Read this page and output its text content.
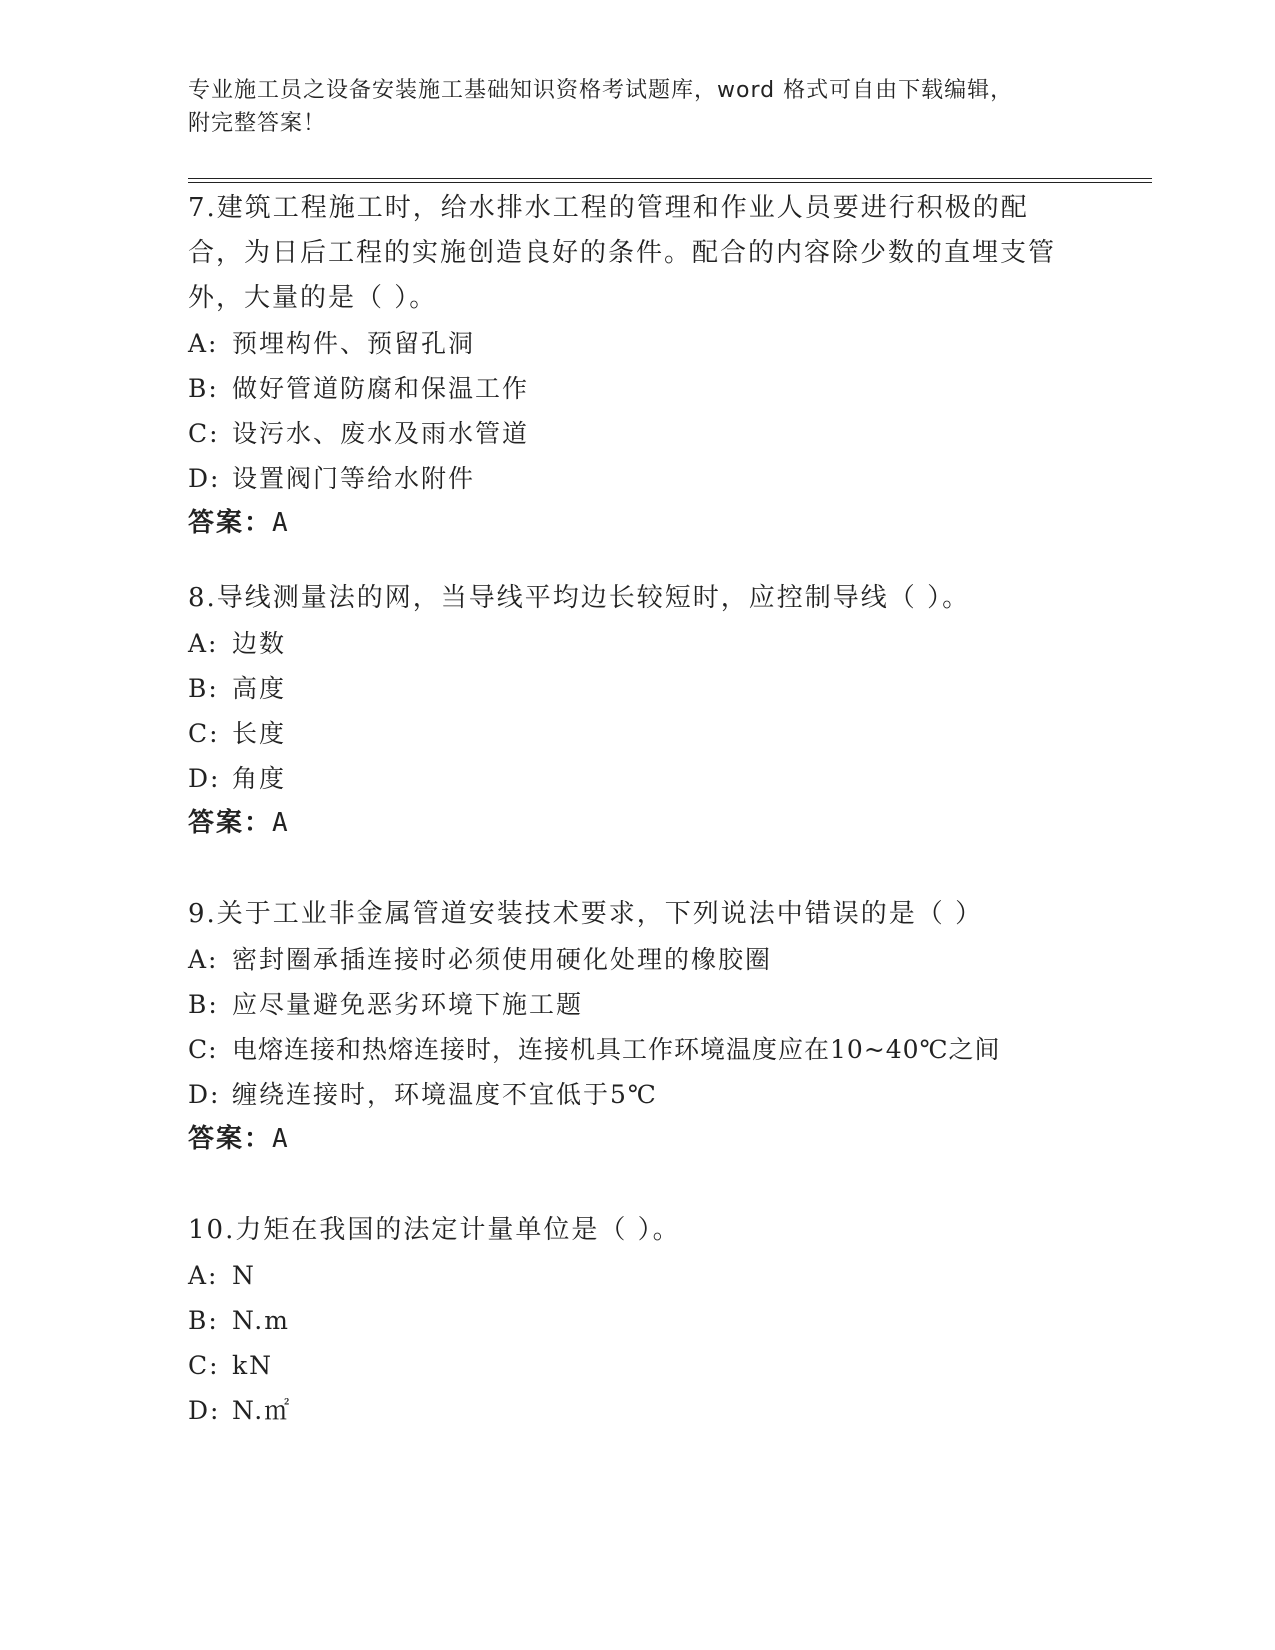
专业施工员之设备安装施工基础知识资格考试题库，word 格式可自由下载编辑，
附完整答案！

7.建筑工程施工时，给水排水工程的管理和作业人员要进行积极的配合，为日后工程的实施创造良好的条件。配合的内容除少数的直埋支管外，大量的是（ ）。

A: 预埋构件、预留孔洞

B: 做好管道防腐和保温工作

C: 设污水、废水及雨水管道

D: 设置阀门等给水附件

答案：A

8.导线测量法的网，当导线平均边长较短时，应控制导线（ ）。

A: 边数

B: 高度

C: 长度

D: 角度

答案：A

9.关于工业非金属管道安装技术要求，下列说法中错误的是（ ）

A: 密封圈承插连接时必须使用硬化处理的橡胶圈

B: 应尽量避免恶劣环境下施工题

C: 电熔连接和热熔连接时，连接机具工作环境温度应在10~40℃之间

D: 缠绕连接时，环境温度不宜低于5℃

答案：A

10.力矩在我国的法定计量单位是（ ）。

A: N

B: N.m

C: kN

D: N.㎡
